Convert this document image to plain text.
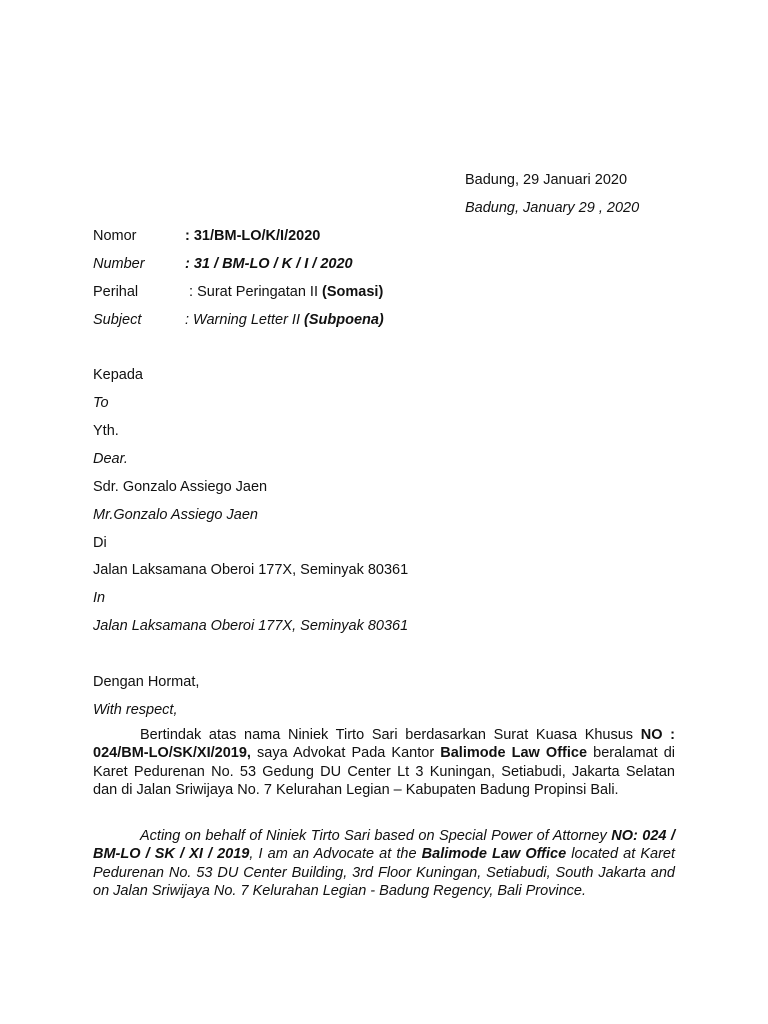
Badung, 29 Januari 2020
Badung, January 29 , 2020
Nomor	: 31/BM-LO/K/I/2020
Number	: 31 / BM-LO / K / I / 2020
Perihal	: Surat Peringatan II (Somasi)
Subject	: Warning Letter II (Subpoena)
Kepada
To
Yth.
Dear.
Sdr. Gonzalo Assiego Jaen
Mr.Gonzalo Assiego Jaen
Di
Jalan Laksamana Oberoi 177X, Seminyak 80361
In
Jalan Laksamana Oberoi 177X, Seminyak 80361
Dengan Hormat,
With respect,
Bertindak atas nama Niniek Tirto Sari berdasarkan Surat Kuasa Khusus NO : 024/BM-LO/SK/XI/2019, saya Advokat Pada Kantor Balimode Law Office beralamat di Karet Pedurenan No. 53 Gedung DU Center Lt 3 Kuningan, Setiabudi, Jakarta Selatan dan di Jalan Sriwijaya No. 7 Kelurahan Legian – Kabupaten Badung Propinsi Bali.
Acting on behalf of Niniek Tirto Sari based on Special Power of Attorney NO: 024 / BM-LO / SK / XI / 2019, I am an Advocate at the Balimode Law Office located at Karet Pedurenan No. 53 DU Center Building, 3rd Floor Kuningan, Setiabudi, South Jakarta and on Jalan Sriwijaya No. 7 Kelurahan Legian - Badung Regency, Bali Province.
